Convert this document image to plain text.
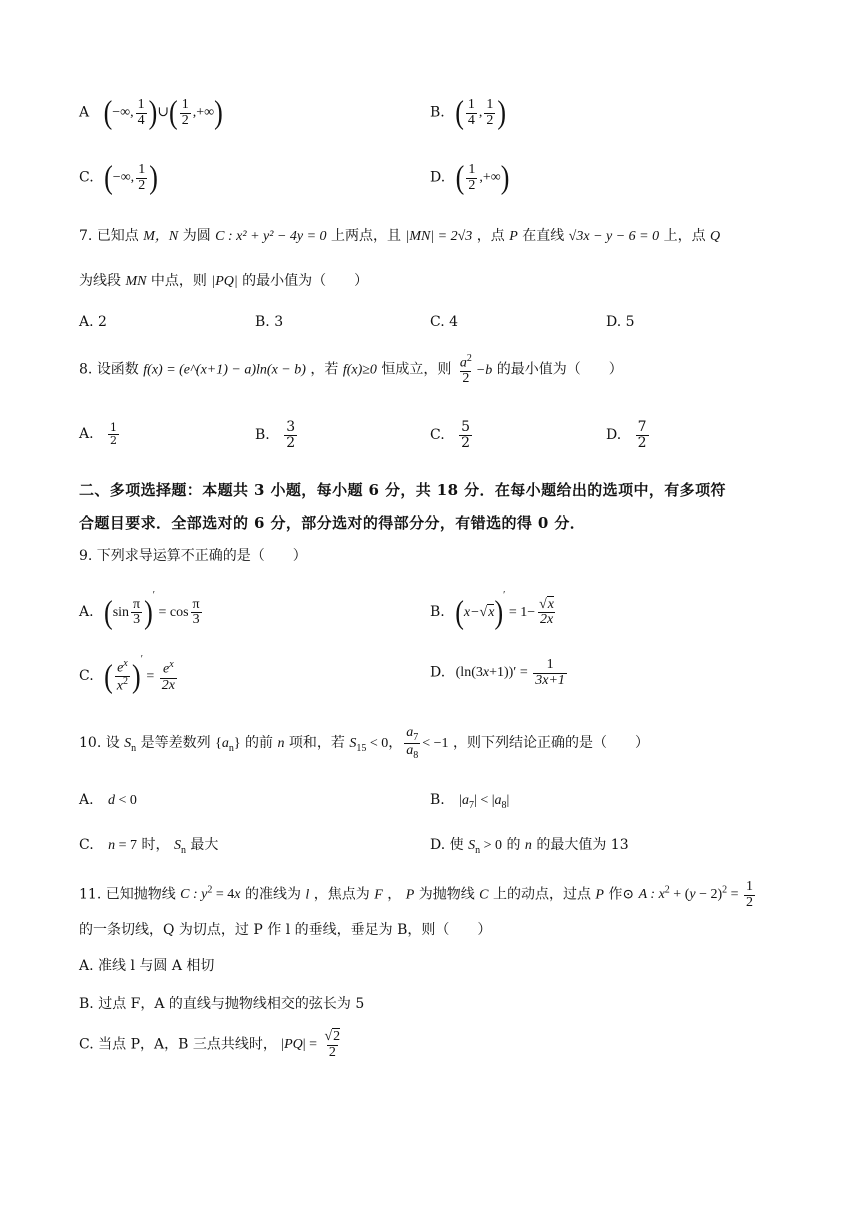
A (−∞, $\frac{1}{4}$ )∪( $\frac{1}{2}$ ,+∞)	B. ( $\frac{1}{4}$ , $\frac{1}{2}$ )
C. (−∞, $\frac{1}{2}$ )	D. ( $\frac{1}{2}$ ,+∞)
7. 已知点 M，N 为圆 C : x² + y² − 4y = 0 上两点，且 |MN| = 2√3 ，点 P 在直线 √3x − y − 6 = 0 上，点 Q
为线段 MN 中点，则 |PQ| 的最小值为（　　）
A. 2	B. 3	C. 4	D. 5
8. 设函数 f(x) = (e^(x+1) − a)ln(x − b) ，若 f(x)≥0 恒成立，则 $\frac{a^2}{2} -b$ 的最小值为（　　）
A. $\frac{1}{2}$	B. $\frac{3}{2}$	C. $\frac{5}{2}$	D. $\frac{7}{2}$
二、多项选择题：本题共 3 小题，每小题 6 分，共 18 分．在每小题给出的选项中，有多项符
合题目要求．全部选对的 6 分，部分选对的得部分分，有错选的得 0 分．
9. 下列求导运算不正确的是（　　）
A. $(\sin \frac{\pi}{3} )' = \cos \frac{\pi}{3}$	B. $(x-√x)' = 1- \frac{√x}{2x}$
C. ( $\frac{e^x}{x^2} )' = \frac{e^x}{2x}$	D. $(\ln(3x+1))' = \frac{1}{3x+1}$
10. 设 $S_n$ 是等差数列 $\{a_n\}$ 的前 n 项和，若 $S_{15} < 0$， $\frac{a_7}{a_8} < -1$ ，则下列结论正确的是（　　）
A. d < 0	B. $|a_7| < |a_8|$
C. n = 7 时， $S_n$ 最大	D. 使 $S_n > 0$ 的 n 的最大值为 13
11. 已知抛物线 C : $y^2 = 4x$ 的准线为 l ，焦点为 F ， P 为抛物线 C 上的动点，过点 P 作⊙ A : $x^2 + (y - 2)^2 = \frac{1}{2}$
的一条切线，Q 为切点，过 P 作 l 的垂线，垂足为 B，则（　　）
A. 准线 l 与圆 A 相切
B. 过点 F，A 的直线与抛物线相交的弦长为 5
C. 当点 P，A，B 三点共线时， $|PQ| = \frac{√2}{2}$
